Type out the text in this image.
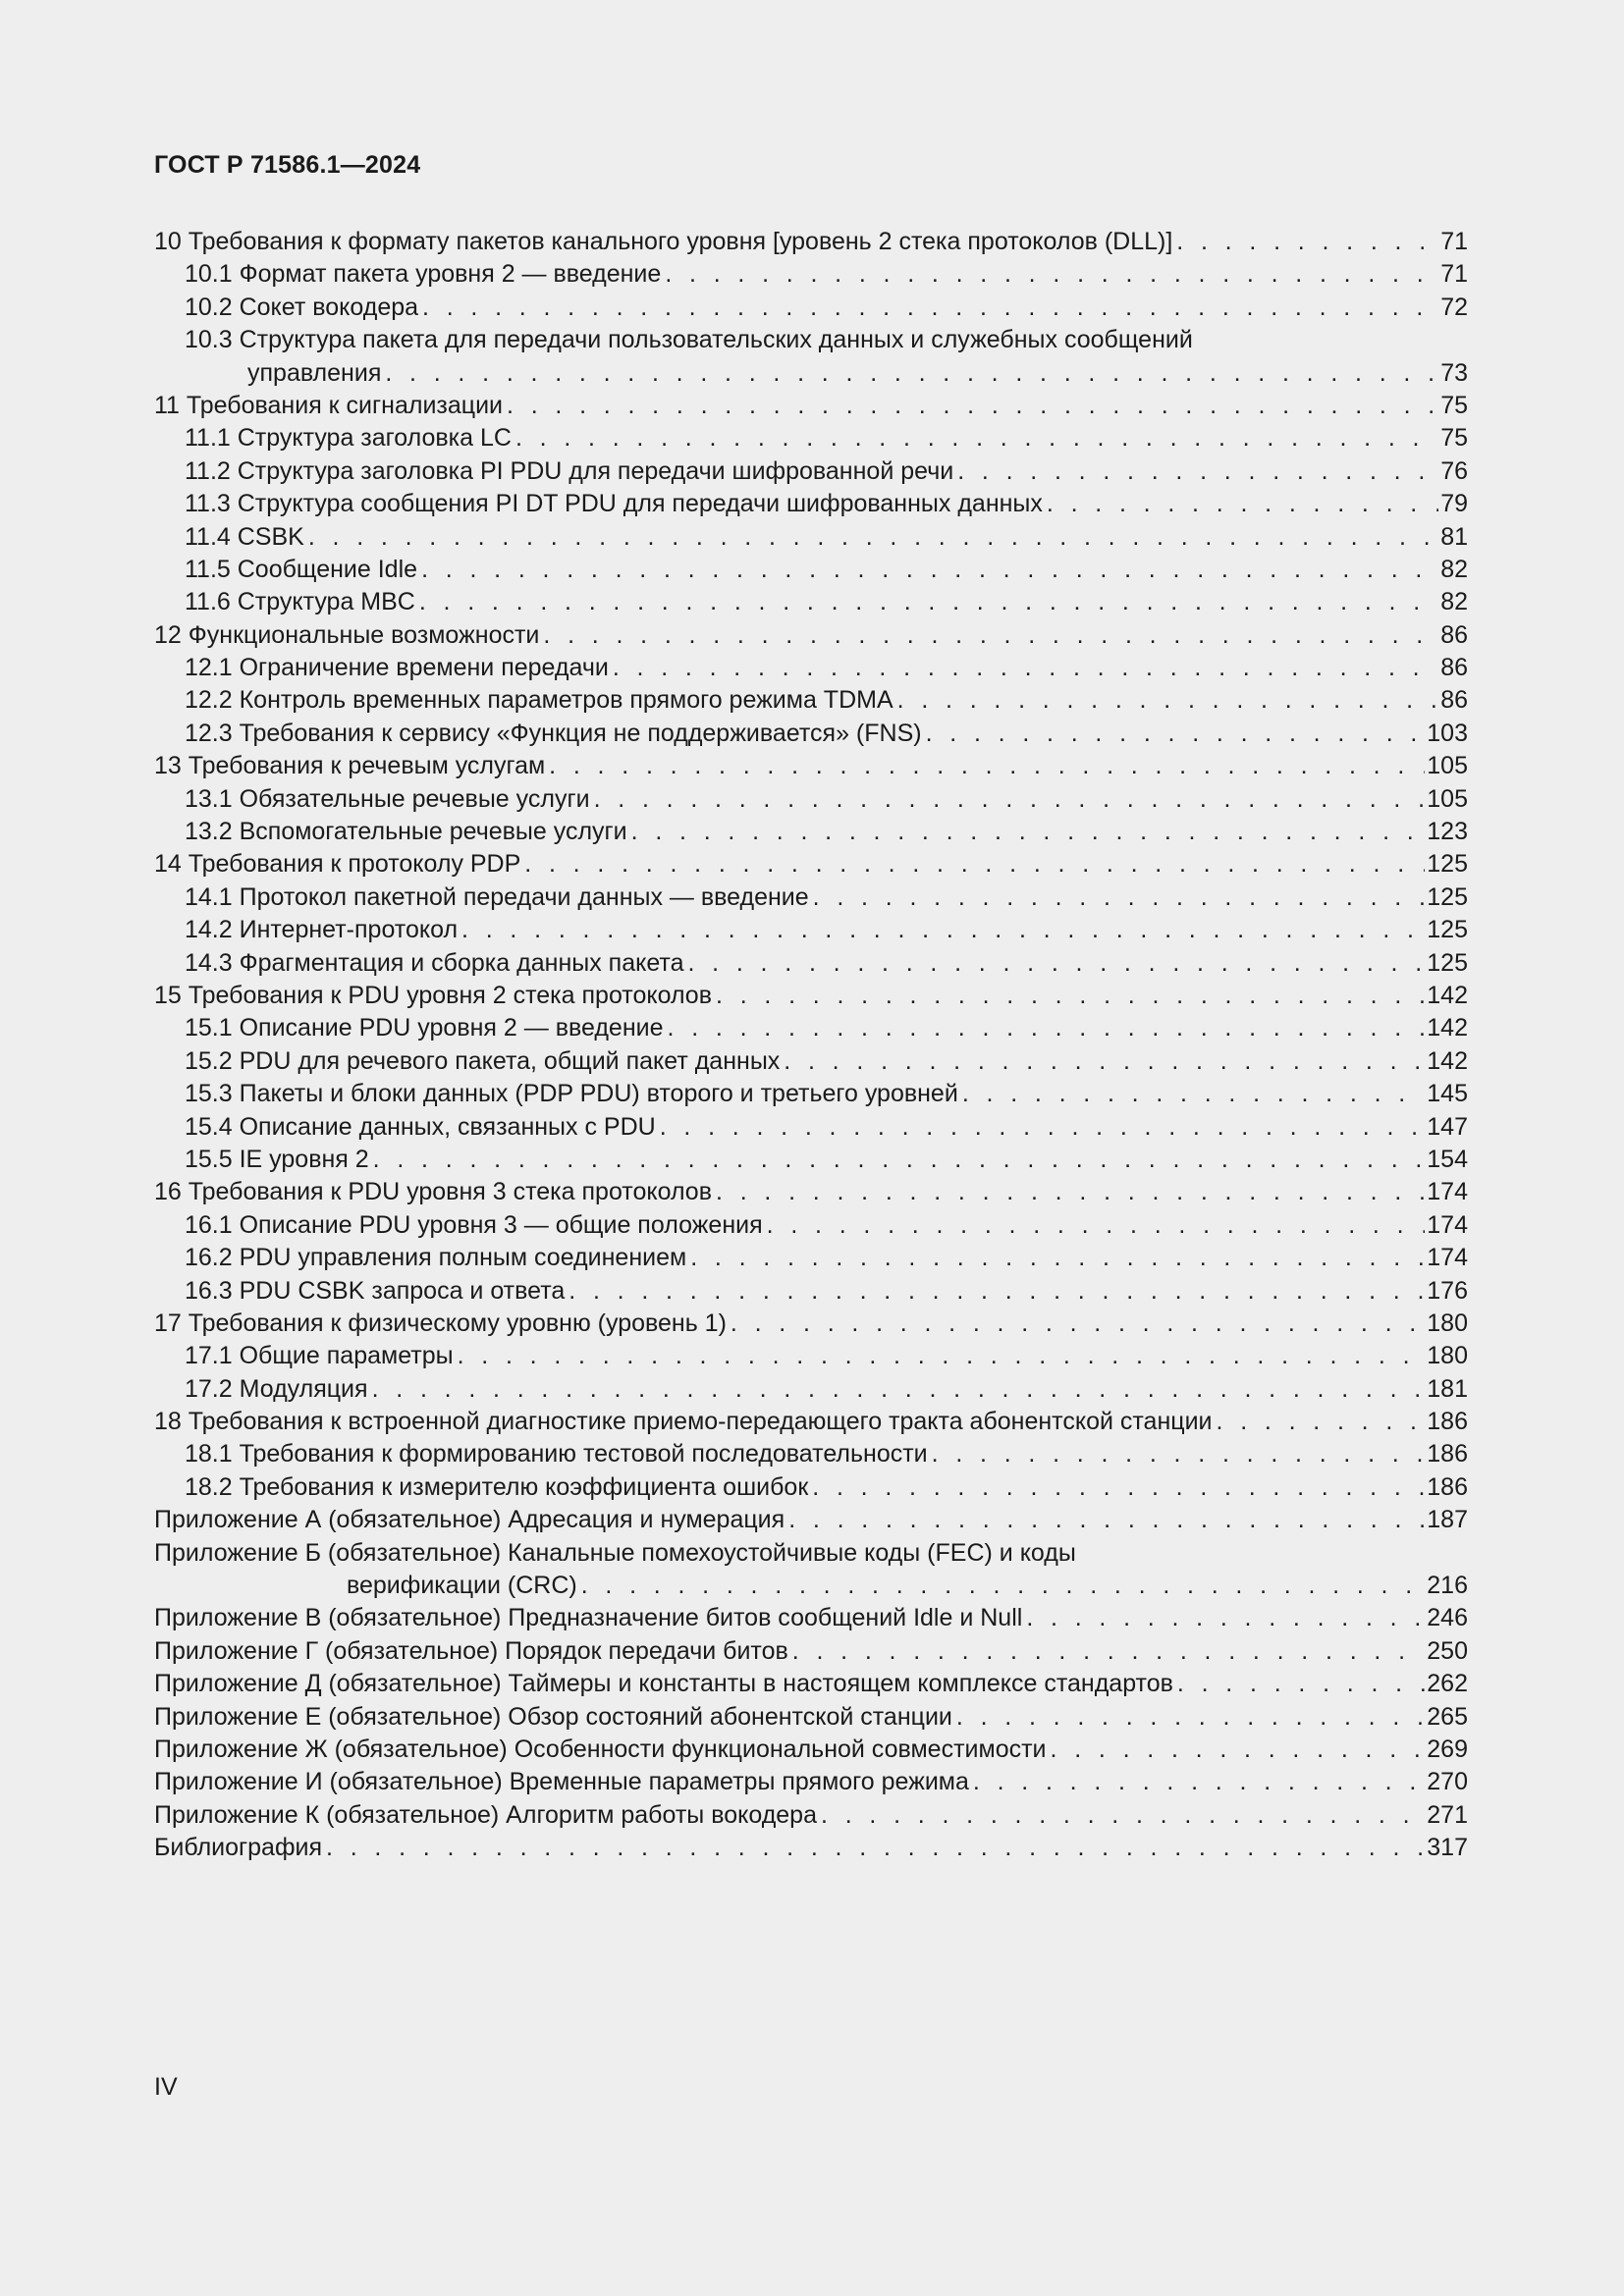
ГОСТ Р 71586.1—2024
10 Требования к формату пакетов канального уровня [уровень 2 стека протоколов (DLL)] . . .	71
10.1 Формат пакета уровня 2 — введение . . .	71
10.2 Сокет вокодера . . .	72
10.3 Структура пакета для передачи пользовательских данных и служебных сообщений
управления . . .	73
11 Требования к сигнализации . . .	75
11.1 Структура заголовка LC . . .	75
11.2 Структура заголовка PI PDU для передачи шифрованной речи . . .	76
11.3 Структура сообщения PI DT PDU для передачи шифрованных данных . . .	79
11.4 CSBK . . .	81
11.5 Сообщение Idle . . .	82
11.6 Структура MBC . . .	82
12 Функциональные возможности . . .	86
12.1 Ограничение времени передачи . . .	86
12.2 Контроль временных параметров прямого режима TDMA . . .	86
12.3 Требования к сервису «Функция не поддерживается» (FNS) . . .	103
13 Требования к речевым услугам . . .	105
13.1 Обязательные речевые услуги . . .	105
13.2 Вспомогательные речевые услуги . . .	123
14 Требования к протоколу PDP . . .	125
14.1 Протокол пакетной передачи данных — введение . . .	125
14.2 Интернет-протокол . . .	125
14.3 Фрагментация и сборка данных пакета . . .	125
15 Требования к PDU уровня 2 стека протоколов . . .	142
15.1 Описание PDU уровня 2 — введение . . .	142
15.2 PDU для речевого пакета, общий пакет данных . . .	142
15.3 Пакеты и блоки данных (PDP PDU) второго и третьего уровней . . .	145
15.4 Описание данных, связанных с PDU . . .	147
15.5 IE уровня 2 . . .	154
16 Требования к PDU уровня 3 стека протоколов . . .	174
16.1 Описание PDU уровня 3 — общие положения . . .	174
16.2 PDU управления полным соединением . . .	174
16.3 PDU CSBK запроса и ответа . . .	176
17 Требования к физическому уровню (уровень 1) . . .	180
17.1 Общие параметры . . .	180
17.2 Модуляция . . .	181
18 Требования к встроенной диагностике приемо-передающего тракта абонентской станции . . .	186
18.1 Требования к формированию тестовой последовательности . . .	186
18.2 Требования к измерителю коэффициента ошибок . . .	186
Приложение А (обязательное) Адресация и нумерация . . .	187
Приложение Б (обязательное) Канальные помехоустойчивые коды (FEC) и коды
верификации (CRC) . . .	216
Приложение В (обязательное) Предназначение битов сообщений Idle и Null . . .	246
Приложение Г (обязательное) Порядок передачи битов . . .	250
Приложение Д (обязательное) Таймеры и константы в настоящем комплексе стандартов . . .	262
Приложение Е (обязательное) Обзор состояний абонентской станции . . .	265
Приложение Ж (обязательное) Особенности функциональной совместимости . . .	269
Приложение И (обязательное) Временные параметры прямого режима . . .	270
Приложение К (обязательное) Алгоритм работы вокодера . . .	271
Библиография . . .	317
IV
